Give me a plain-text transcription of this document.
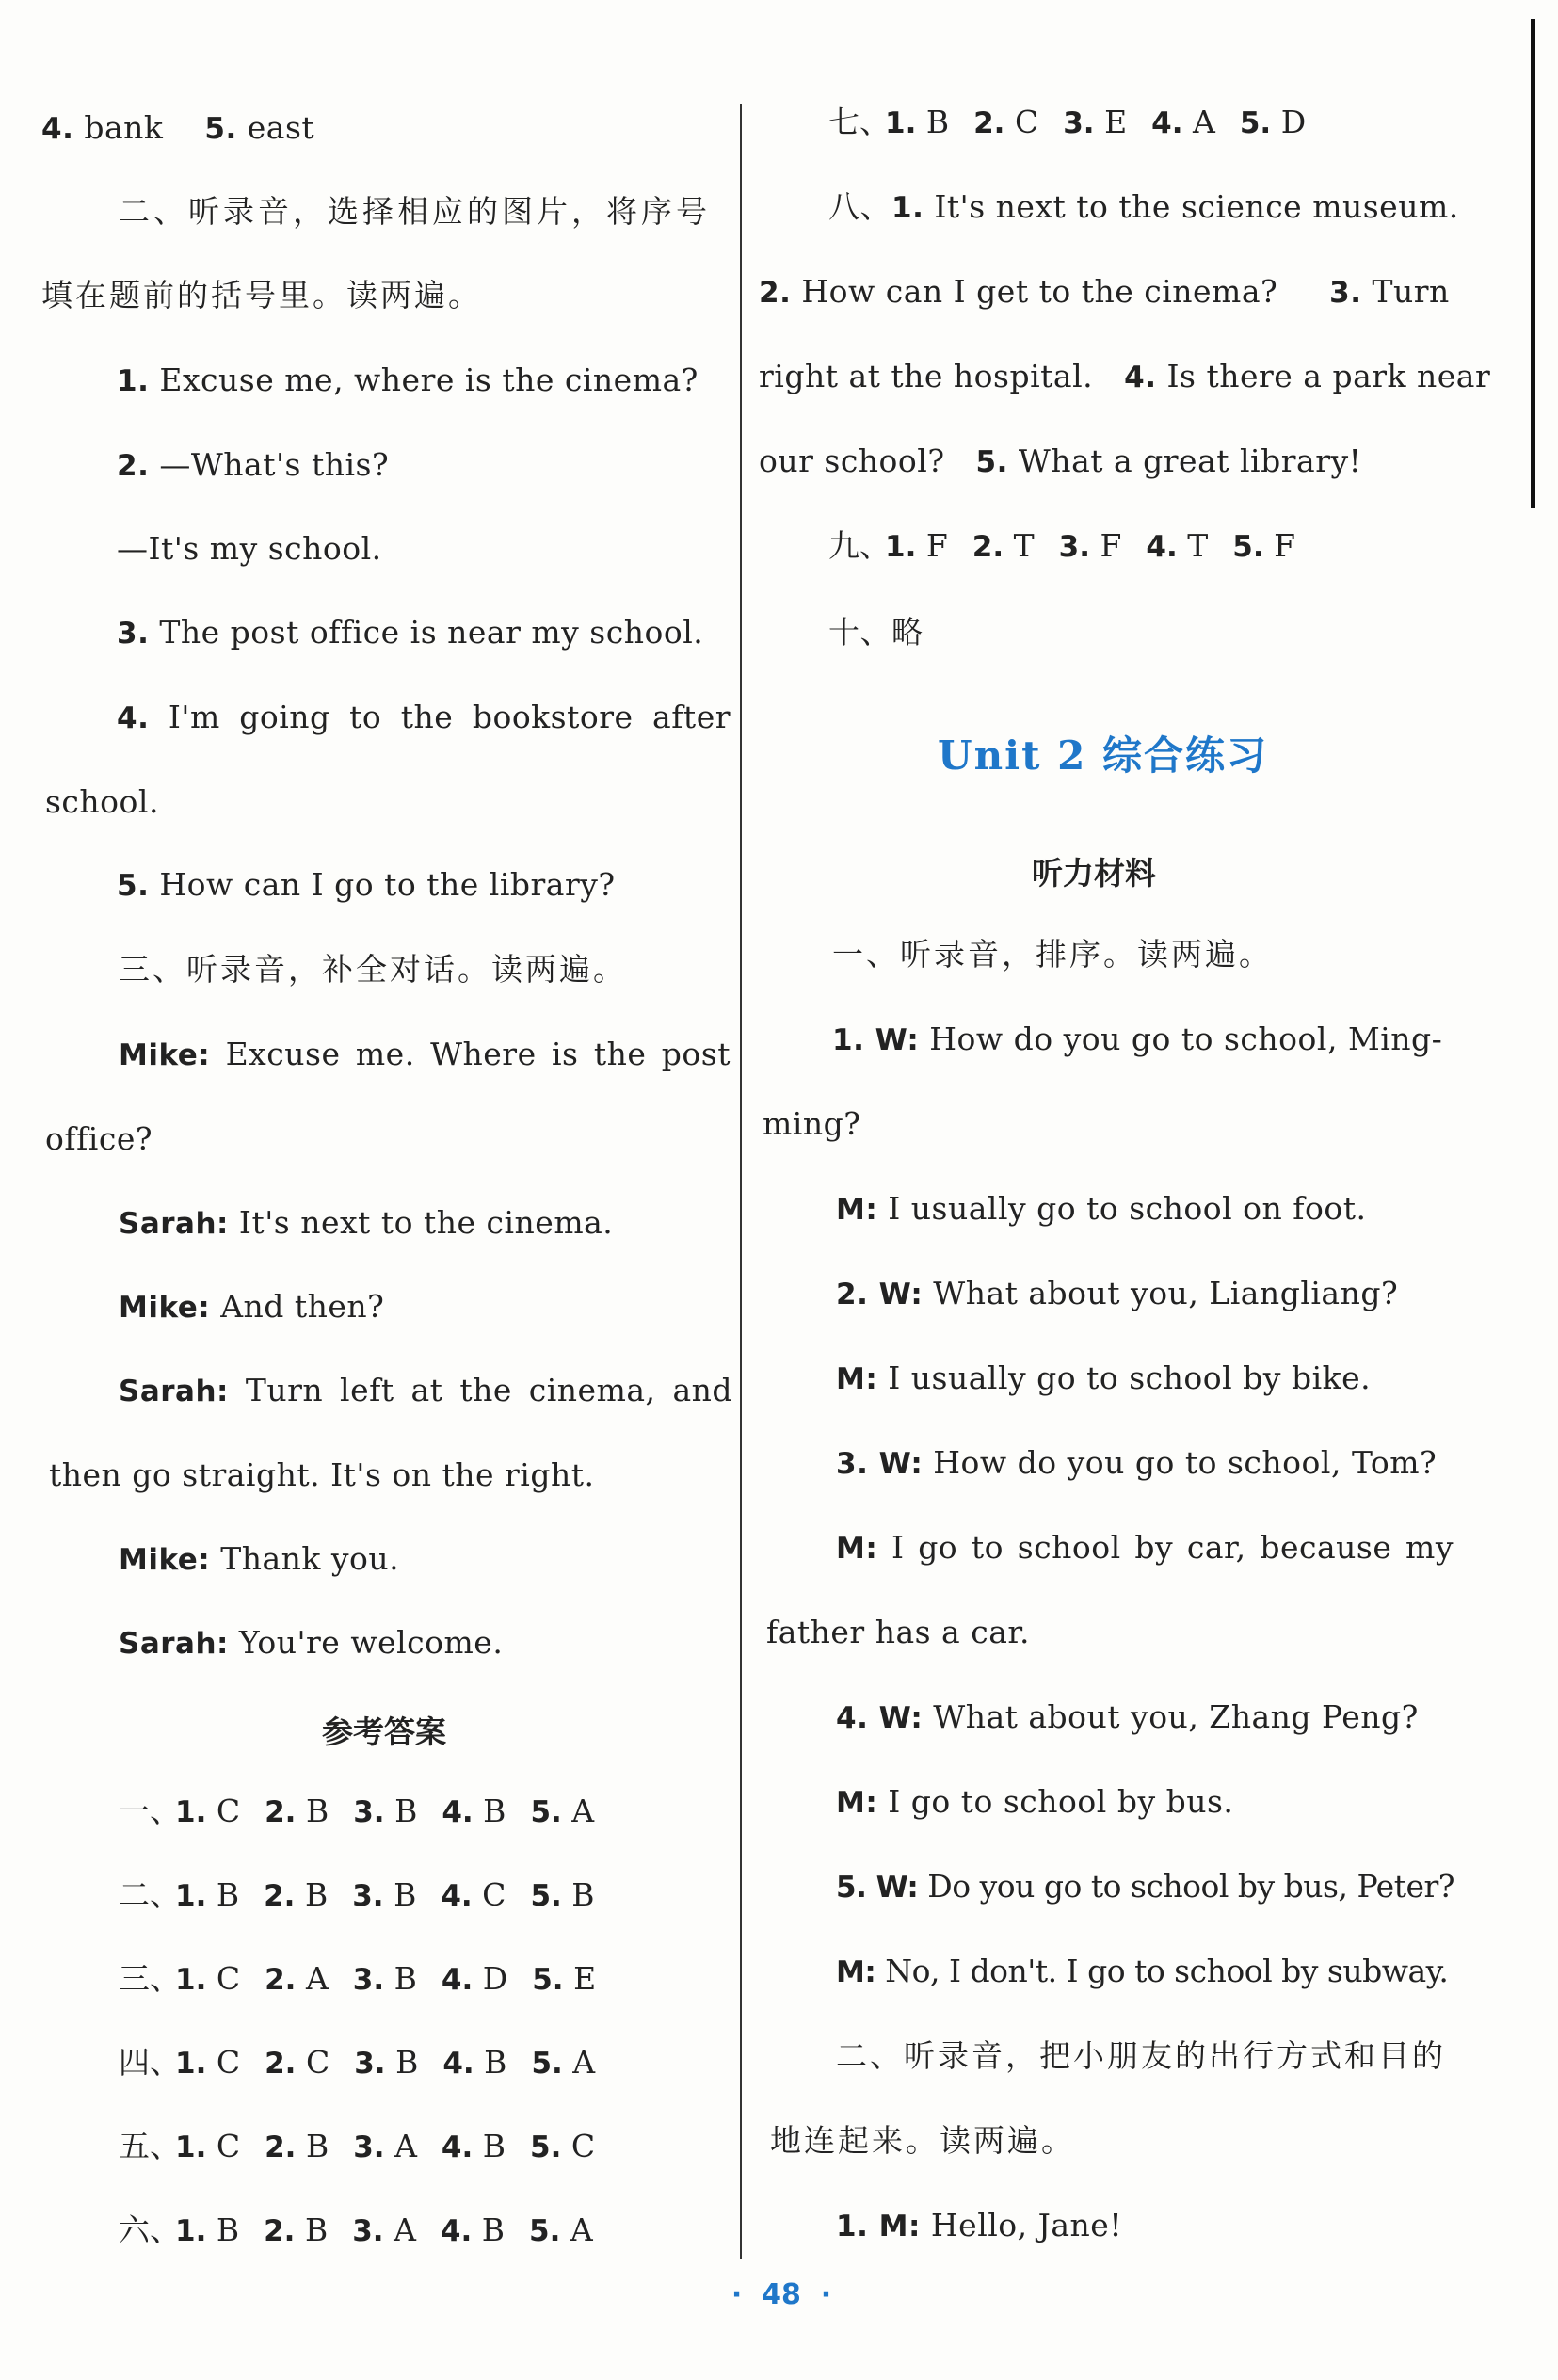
4. bank 5. east
二、听录音，选择相应的图片，将序号
填在题前的括号里。读两遍。
1. Excuse me, where is the cinema?
2. —What's this?
—It's my school.
3. The post office is near my school.
4. I'm going to the bookstore after
school.
5. How can I go to the library?
三、听录音，补全对话。读两遍。
Mike: Excuse me. Where is the post
office?
Sarah: It's next to the cinema.
Mike: And then?
Sarah: Turn left at the cinema, and
then go straight. It's on the right.
Mike: Thank you.
Sarah: You're welcome.
参考答案
一、1. C 2. B 3. B 4. B 5. A
二、1. B 2. B 3. B 4. C 5. B
三、1. C 2. A 3. B 4. D 5. E
四、1. C 2. C 3. B 4. B 5. A
五、1. C 2. B 3. A 4. B 5. C
六、1. B 2. B 3. A 4. B 5. A
七、1. B 2. C 3. E 4. A 5. D
八、1. It's next to the science museum.
2. How can I get to the cinema? 3. Turn
right at the hospital. 4. Is there a park near
our school? 5. What a great library!
九、1. F 2. T 3. F 4. T 5. F
十、略
Unit 2 综合练习
听力材料
一、听录音，排序。读两遍。
1. W: How do you go to school, Ming-
ming?
M: I usually go to school on foot.
2. W: What about you, Liangliang?
M: I usually go to school by bike.
3. W: How do you go to school, Tom?
M: I go to school by car, because my
father has a car.
4. W: What about you, Zhang Peng?
M: I go to school by bus.
5. W: Do you go to school by bus, Peter?
M: No, I don't. I go to school by subway.
二、听录音，把小朋友的出行方式和目的
地连起来。读两遍。
1. M: Hello, Jane!
· 48 ·
